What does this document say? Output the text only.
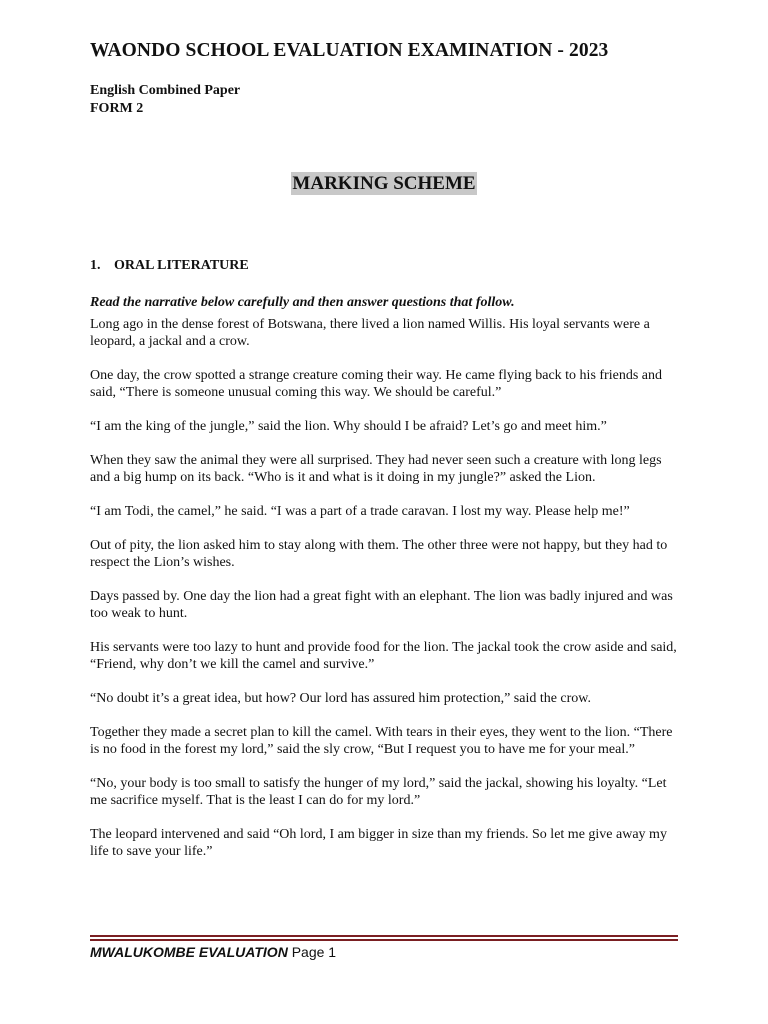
WAONDO SCHOOL EVALUATION EXAMINATION - 2023
English Combined Paper
FORM 2
MARKING SCHEME
1. ORAL LITERATURE
Read the narrative below carefully and then answer questions that follow.

Long ago in the dense forest of Botswana, there lived a lion named Willis. His loyal servants were a leopard, a jackal and a crow.

One day, the crow spotted a strange creature coming their way. He came flying back to his friends and said, “There is someone unusual coming this way. We should be careful.”

“I am the king of the jungle,” said the lion. Why should I be afraid? Let’s go and meet him.”

When they saw the animal they were all surprised. They had never seen such a creature with long legs and a big hump on its back. “Who is it and what is it doing in my jungle?” asked the Lion.

“I am Todi, the camel,” he said. “I was a part of a trade caravan. I lost my way. Please help me!”

Out of pity, the lion asked him to stay along with them. The other three were not happy, but they had to respect the Lion’s wishes.

Days passed by. One day the lion had a great fight with an elephant. The lion was badly injured and was too weak to hunt.

His servants were too lazy to hunt and provide food for the lion. The jackal took the crow aside and said, “Friend, why don’t we kill the camel and survive.”

“No doubt it’s a great idea, but how? Our lord has assured him protection,” said the crow.

Together they made a secret plan to kill the camel. With tears in their eyes, they went to the lion. “There is no food in the forest my lord,” said the sly crow, “But I request you to have me for your meal.”

“No, your body is too small to satisfy the hunger of my lord,” said the jackal, showing his loyalty. “Let me sacrifice myself. That is the least I can do for my lord.”

The leopard intervened and said “Oh lord, I am bigger in size than my friends. So let me give away my life to save your life.”

MWALUKOMBE EVALUATION Page 1
